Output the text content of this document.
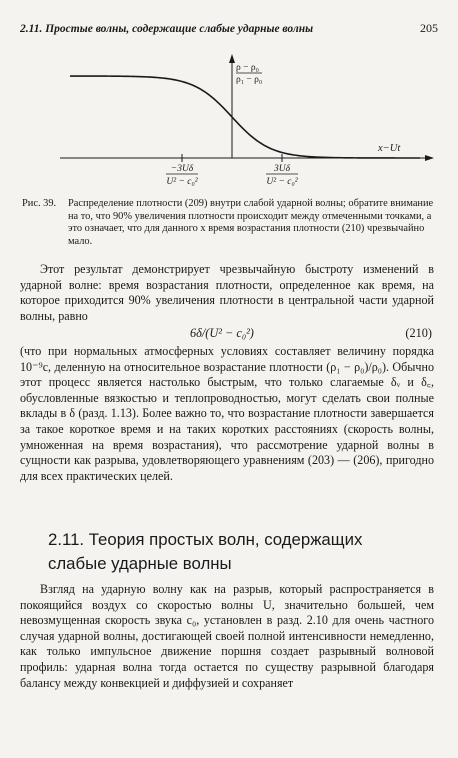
2.11. Простые волны, содержащие слабые ударные волны	205
ρ − ρ₀
ρ₁ − ρ₀
x−Ut
−3Uδ
U² − c₀²
3Uδ
U² − c₀²
Рис. 39.	Распределение плотности (209) внутри слабой ударной волны; обратите внимание на то, что 90% увеличения плотности происходит между отмеченными точками, а это означает, что для данного x время возрастания плотности (210) чрезвычайно мало.

Этот результат демонстрирует чрезвычайную быстроту изменений в ударной волне: время возрастания плотности, определенное как время, на которое приходится 90% увеличения плотности в центральной части ударной волны, равно

6δ/(U² − c₀²)	(210)

(что при нормальных атмосферных условиях составляет величину порядка 10⁻⁹с, деленную на относительное возрастание плотности (ρ₁ − ρ₀)/ρ₀). Обычно этот процесс является настолько быстрым, что только слагаемые δᵥ и δ꜀, обусловленные вязкостью и теплопроводностью, могут сделать свои полные вклады в δ (разд. 1.13). Более важно то, что возрастание плотности завершается за такое короткое время и на таких коротких расстояниях (скорость волны, умноженная на время возрастания), что рассмотрение ударной волны в сущности как разрыва, удовлетворяющего уравнениям (203) — (206), пригодно для всех практических целей.

2.11. Теория простых волн, содержащих слабые ударные волны

Взгляд на ударную волну как на разрыв, который распространяется в покоящийся воздух со скоростью волны U, значительно большей, чем невозмущенная скорость звука c₀, установлен в разд. 2.10 для очень частного случая ударной волны, достигающей своей полной интенсивности немедленно, как только импульсное движение поршня создает разрывный волновой профиль: ударная волна тогда остается по существу разрывной благодаря балансу между конвекцией и диффузией и сохраняет
